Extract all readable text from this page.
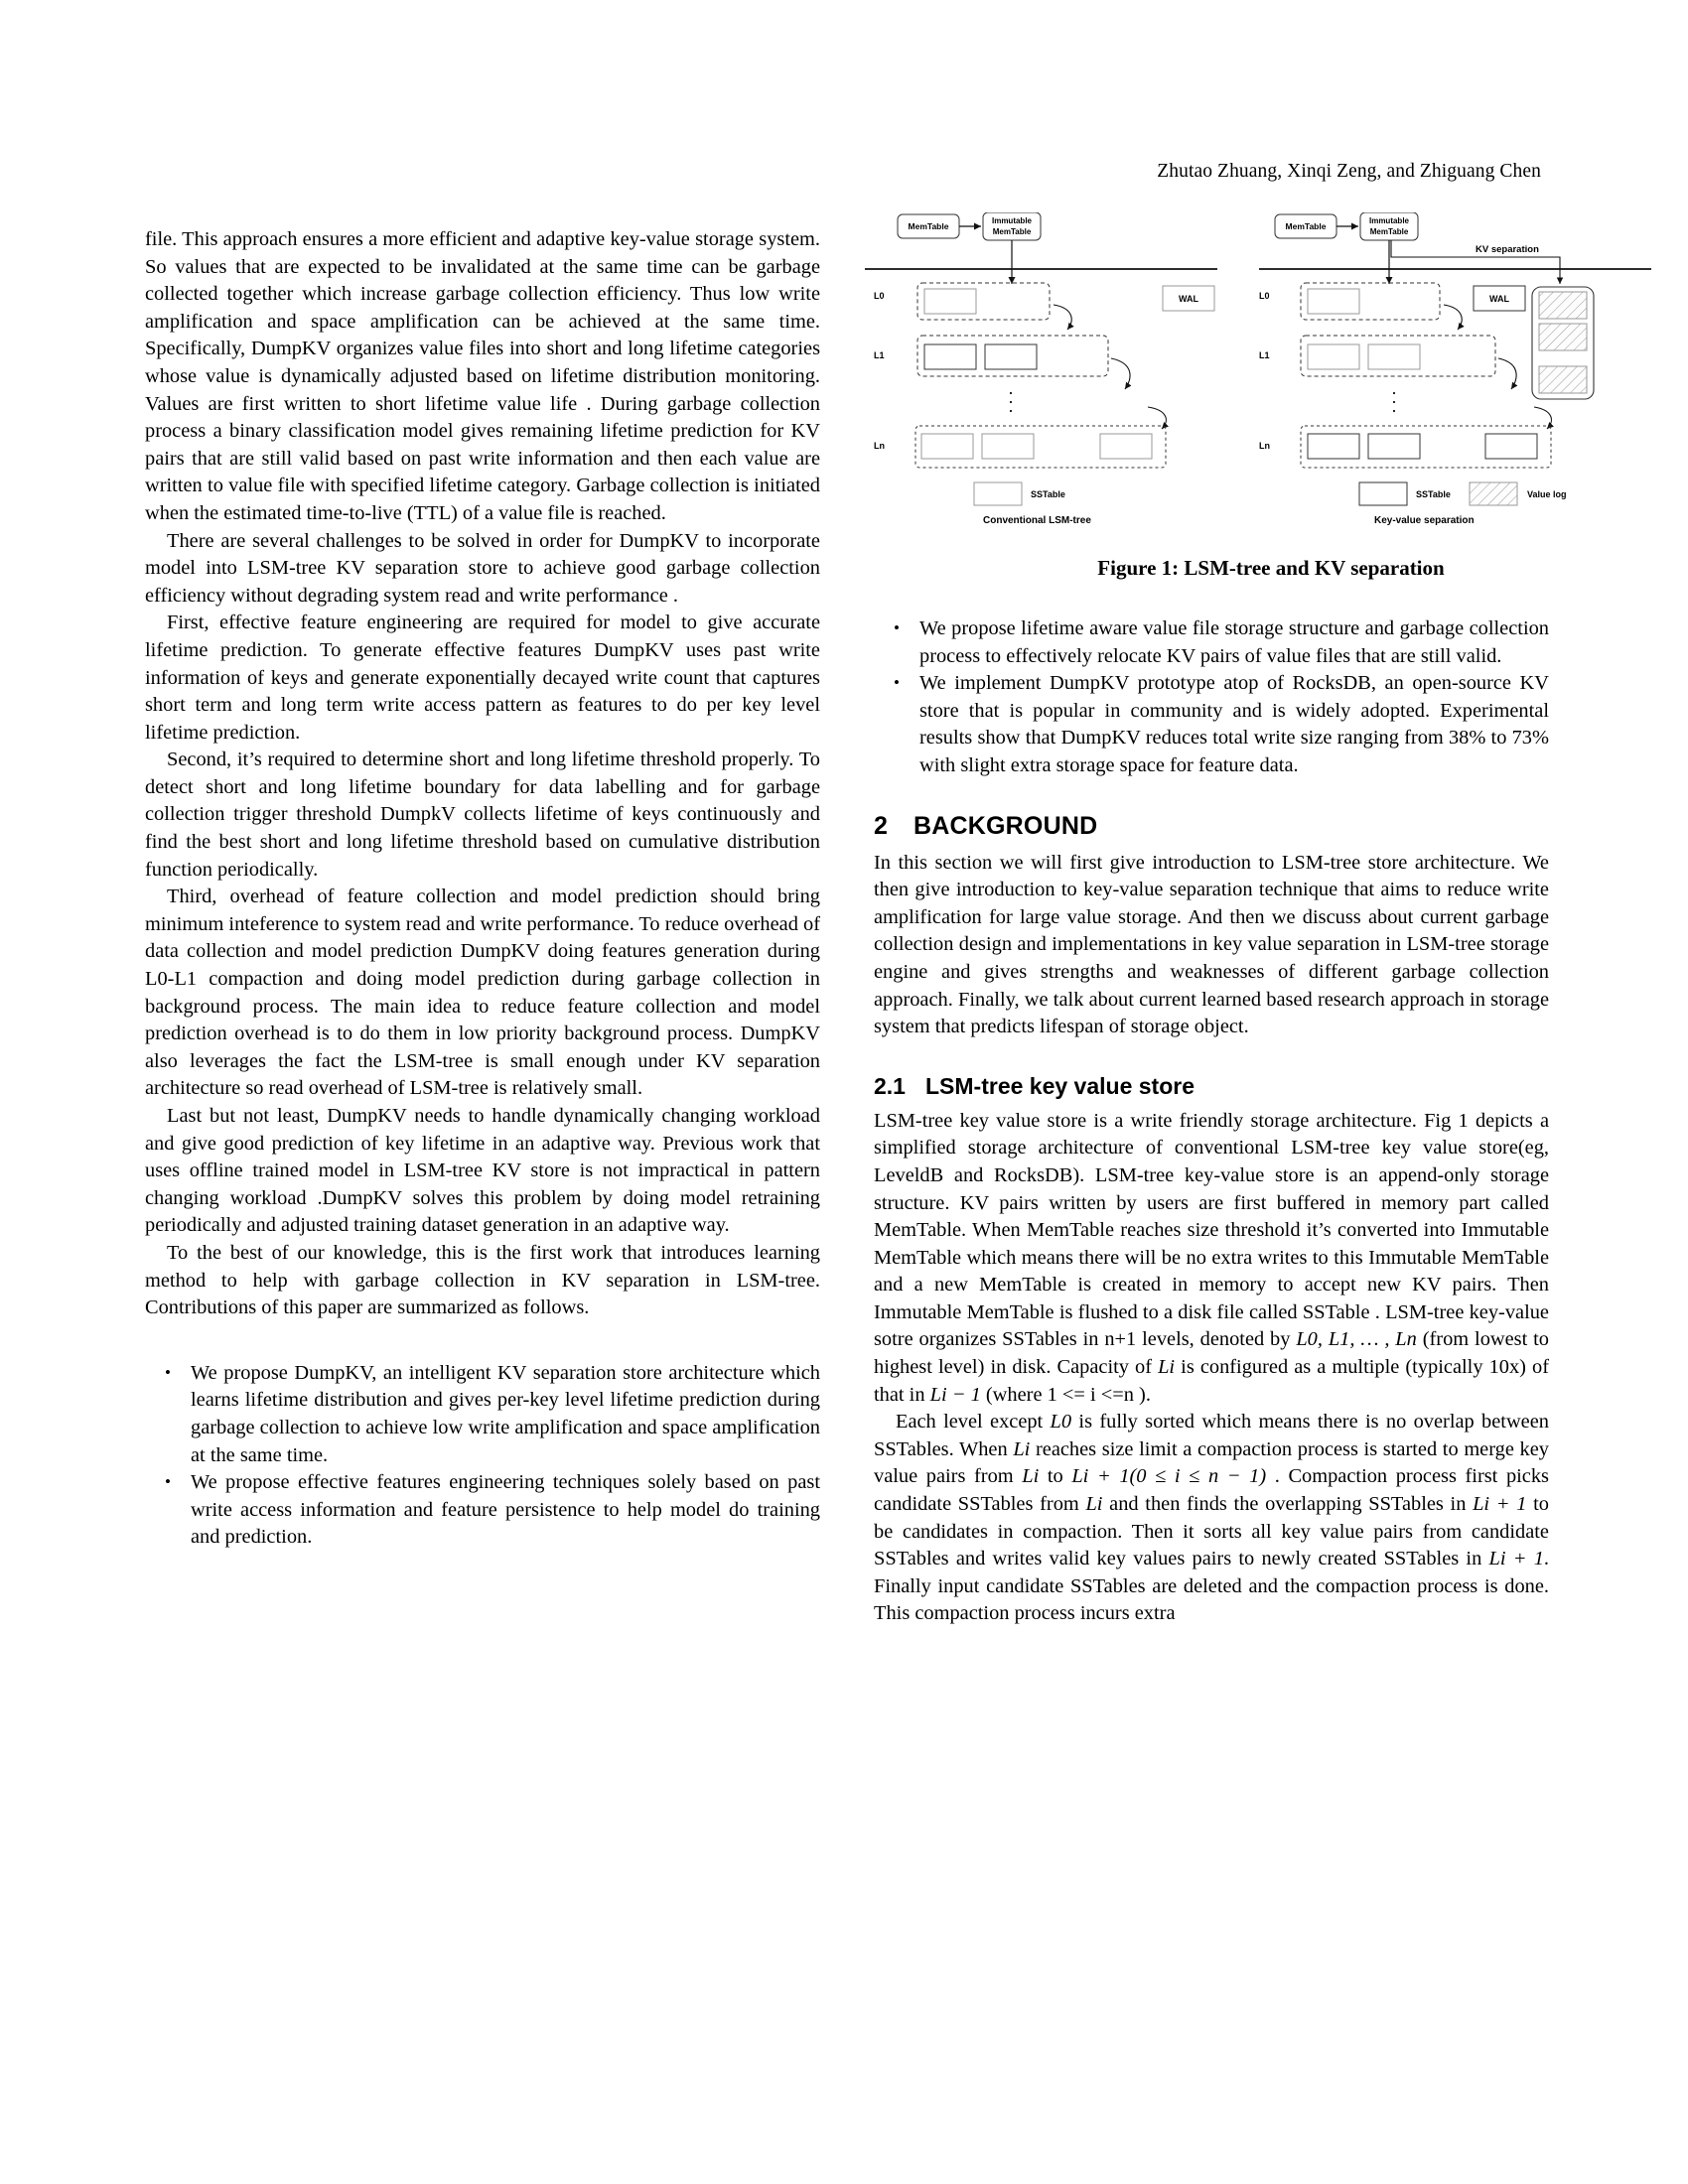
Zhutao Zhuang, Xinqi Zeng, and Zhiguang Chen

file. This approach ensures a more efficient and adaptive key-value storage system. So values that are expected to be invalidated at the same time can be garbage collected together which increase garbage collection efficiency. Thus low write amplification and space amplification can be achieved at the same time. Specifically, DumpKV organizes value files into short and long lifetime categories whose value is dynamically adjusted based on lifetime distribution monitoring. Values are first written to short lifetime value life . During garbage collection process a binary classification model gives remaining lifetime prediction for KV pairs that are still valid based on past write information and then each value are written to value file with specified lifetime category. Garbage collection is initiated when the estimated time-to-live (TTL) of a value file is reached.

There are several challenges to be solved in order for DumpKV to incorporate model into LSM-tree KV separation store to achieve good garbage collection efficiency without degrading system read and write performance .

First, effective feature engineering are required for model to give accurate lifetime prediction. To generate effective features DumpKV uses past write information of keys and generate exponentially decayed write count that captures short term and long term write access pattern as features to do per key level lifetime prediction.

Second, it’s required to determine short and long lifetime threshold properly. To detect short and long lifetime boundary for data labelling and for garbage collection trigger threshold DumpkV collects lifetime of keys continuously and find the best short and long lifetime threshold based on cumulative distribution function periodically.

Third, overhead of feature collection and model prediction should bring minimum inteference to system read and write performance. To reduce overhead of data collection and model prediction DumpKV doing features generation during L0-L1 compaction and doing model prediction during garbage collection in background process. The main idea to reduce feature collection and model prediction overhead is to do them in low priority background process. DumpKV also leverages the fact the LSM-tree is small enough under KV separation architecture so read overhead of LSM-tree is relatively small.

Last but not least, DumpKV needs to handle dynamically changing workload and give good prediction of key lifetime in an adaptive way. Previous work that uses offline trained model in LSM-tree KV store is not impractical in pattern changing workload .DumpKV solves this problem by doing model retraining periodically and adjusted training dataset generation in an adaptive way.

To the best of our knowledge, this is the first work that introduces learning method to help with garbage collection in KV separation in LSM-tree. Contributions of this paper are summarized as follows.

• We propose DumpKV, an intelligent KV separation store architecture which learns lifetime distribution and gives per-key level lifetime prediction during garbage collection to achieve low write amplification and space amplification at the same time.
• We propose effective features engineering techniques solely based on past write access information and feature persistence to help model do training and prediction.
MemTable
Immutable
MemTable
L0	WAL
L1
Ln
SSTable
Conventional LSM-tree
MemTable
Immutable
MemTable
KV separation
L0	WAL
L1
Ln
SSTable	Value log
Key-value separation
Figure 1: LSM-tree and KV separation
• We propose lifetime aware value file storage structure and garbage collection process to effectively relocate KV pairs of value files that are still valid.
• We implement DumpKV prototype atop of RocksDB, an open-source KV store that is popular in community and is widely adopted. Experimental results show that DumpKV reduces total write size ranging from 38% to 73% with slight extra storage space for feature data.
2 BACKGROUND

In this section we will first give introduction to LSM-tree store architecture. We then give introduction to key-value separation technique that aims to reduce write amplification for large value storage. And then we discuss about current garbage collection design and implementations in key value separation in LSM-tree storage engine and gives strengths and weaknesses of different garbage collection approach. Finally, we talk about current learned based research approach in storage system that predicts lifespan of storage object.

2.1 LSM-tree key value store

LSM-tree key value store is a write friendly storage architecture. Fig 1 depicts a simplified storage architecture of conventional LSM-tree key value store(eg, LeveldB and RocksDB). LSM-tree key-value store is an append-only storage structure. KV pairs written by users are first buffered in memory part called MemTable. When MemTable reaches size threshold it’s converted into Immutable MemTable which means there will be no extra writes to this Immutable MemTable and a new MemTable is created in memory to accept new KV pairs. Then Immutable MemTable is flushed to a disk file called SSTable . LSM-tree key-value sotre organizes SSTables in n+1 levels, denoted by L0, L1, … , Ln (from lowest to highest level) in disk. Capacity of Li is configured as a multiple (typically 10x) of that in Li − 1 (where 1 <= i <=n ).

Each level except L0 is fully sorted which means there is no overlap between SSTables. When Li reaches size limit a compaction process is started to merge key value pairs from Li to Li + 1(0 ≤ i ≤ n − 1) . Compaction process first picks candidate SSTables from Li and then finds the overlapping SSTables in Li + 1 to be candidates in compaction. Then it sorts all key value pairs from candidate SSTables and writes valid key values pairs to newly created SSTables in Li + 1. Finally input candidate SSTables are deleted and the compaction process is done. This compaction process incurs extra
